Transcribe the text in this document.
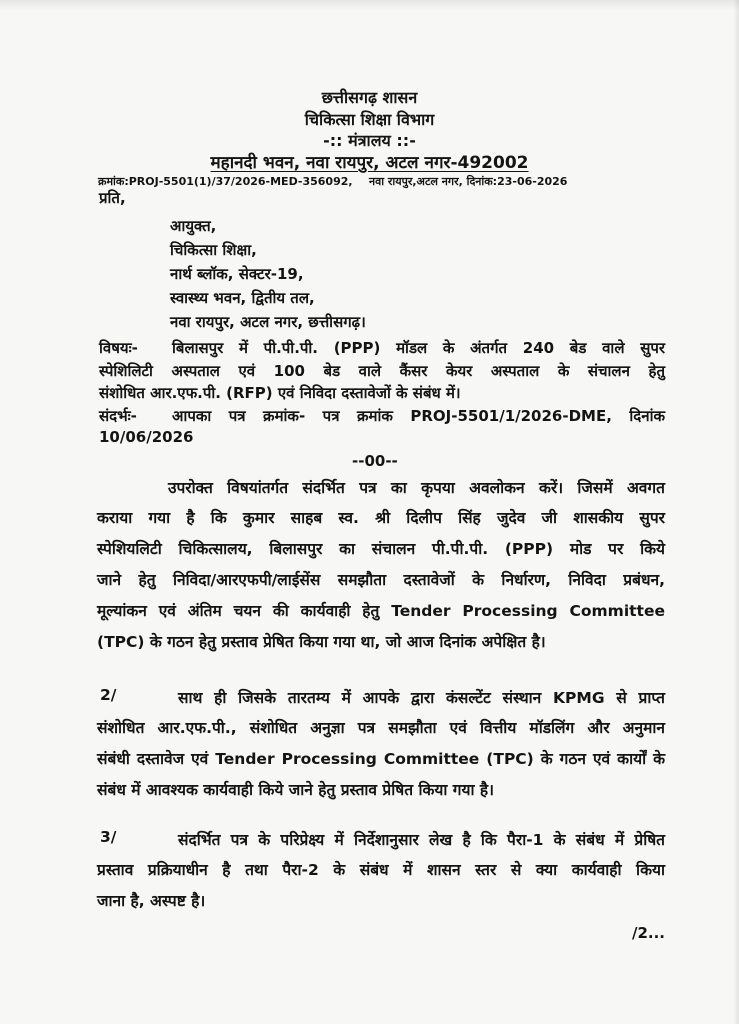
छत्तीसगढ़ शासन
चिकित्सा शिक्षा विभाग
-:: मंत्रालय ::-
महानदी भवन, नवा रायपुर, अटल नगर-492002
क्रमांक:PROJ-5501(1)/37/2026-MED-356092, नवा रायपुर,अटल नगर, दिनांक:23-06-2026
प्रति,
आयुक्त,
चिकित्सा शिक्षा,
नार्थ ब्लॉक, सेक्टर-19,
स्वास्थ्य भवन, द्वितीय तल,
नवा रायपुर, अटल नगर, छत्तीसगढ़।
विषयः- बिलासपुर में पी.पी.पी. (PPP) मॉडल के अंतर्गत 240 बेड वाले सुपर
स्पेशिलिटी अस्पताल एवं 100 बेड वाले कैंसर केयर अस्पताल के संचालन हेतु
संशोधित आर.एफ.पी. (RFP) एवं निविदा दस्तावेजों के संबंध में।
संदर्भः- आपका पत्र क्रमांक- पत्र क्रमांक PROJ-5501/1/2026-DME, दिनांक
10/06/2026
--00--
उपरोक्त विषयांतर्गत संदर्भित पत्र का कृपया अवलोकन करें। जिसमें अवगत
कराया गया है कि कुमार साहब स्व. श्री दिलीप सिंह जुदेव जी शासकीय सुपर
स्पेशियलिटी चिकित्सालय, बिलासपुर का संचालन पी.पी.पी. (PPP) मोड पर किये
जाने हेतु निविदा/आरएफपी/लाईसेंस समझौता दस्तावेजों के निर्धारण, निविदा प्रबंधन,
मूल्यांकन एवं अंतिम चयन की कार्यवाही हेतु Tender Processing Committee
(TPC) के गठन हेतु प्रस्ताव प्रेषित किया गया था, जो आज दिनांक अपेक्षित है।
2/	साथ ही जिसके तारतम्य में आपके द्वारा कंसल्टेंट संस्थान KPMG से प्राप्त
संशोधित आर.एफ.पी., संशोधित अनुज्ञा पत्र समझौता एवं वित्तीय मॉडलिंग और अनुमान
संबंधी दस्तावेज एवं Tender Processing Committee (TPC) के गठन एवं कार्यों के
संबंध में आवश्यक कार्यवाही किये जाने हेतु प्रस्ताव प्रेषित किया गया है।
3/	संदर्भित पत्र के परिप्रेक्ष्य में निर्देशानुसार लेख है कि पैरा-1 के संबंध में प्रेषित
प्रस्ताव प्रक्रियाधीन है तथा पैरा-2 के संबंध में शासन स्तर से क्या कार्यवाही किया
जाना है, अस्पष्ट है।
/2...
